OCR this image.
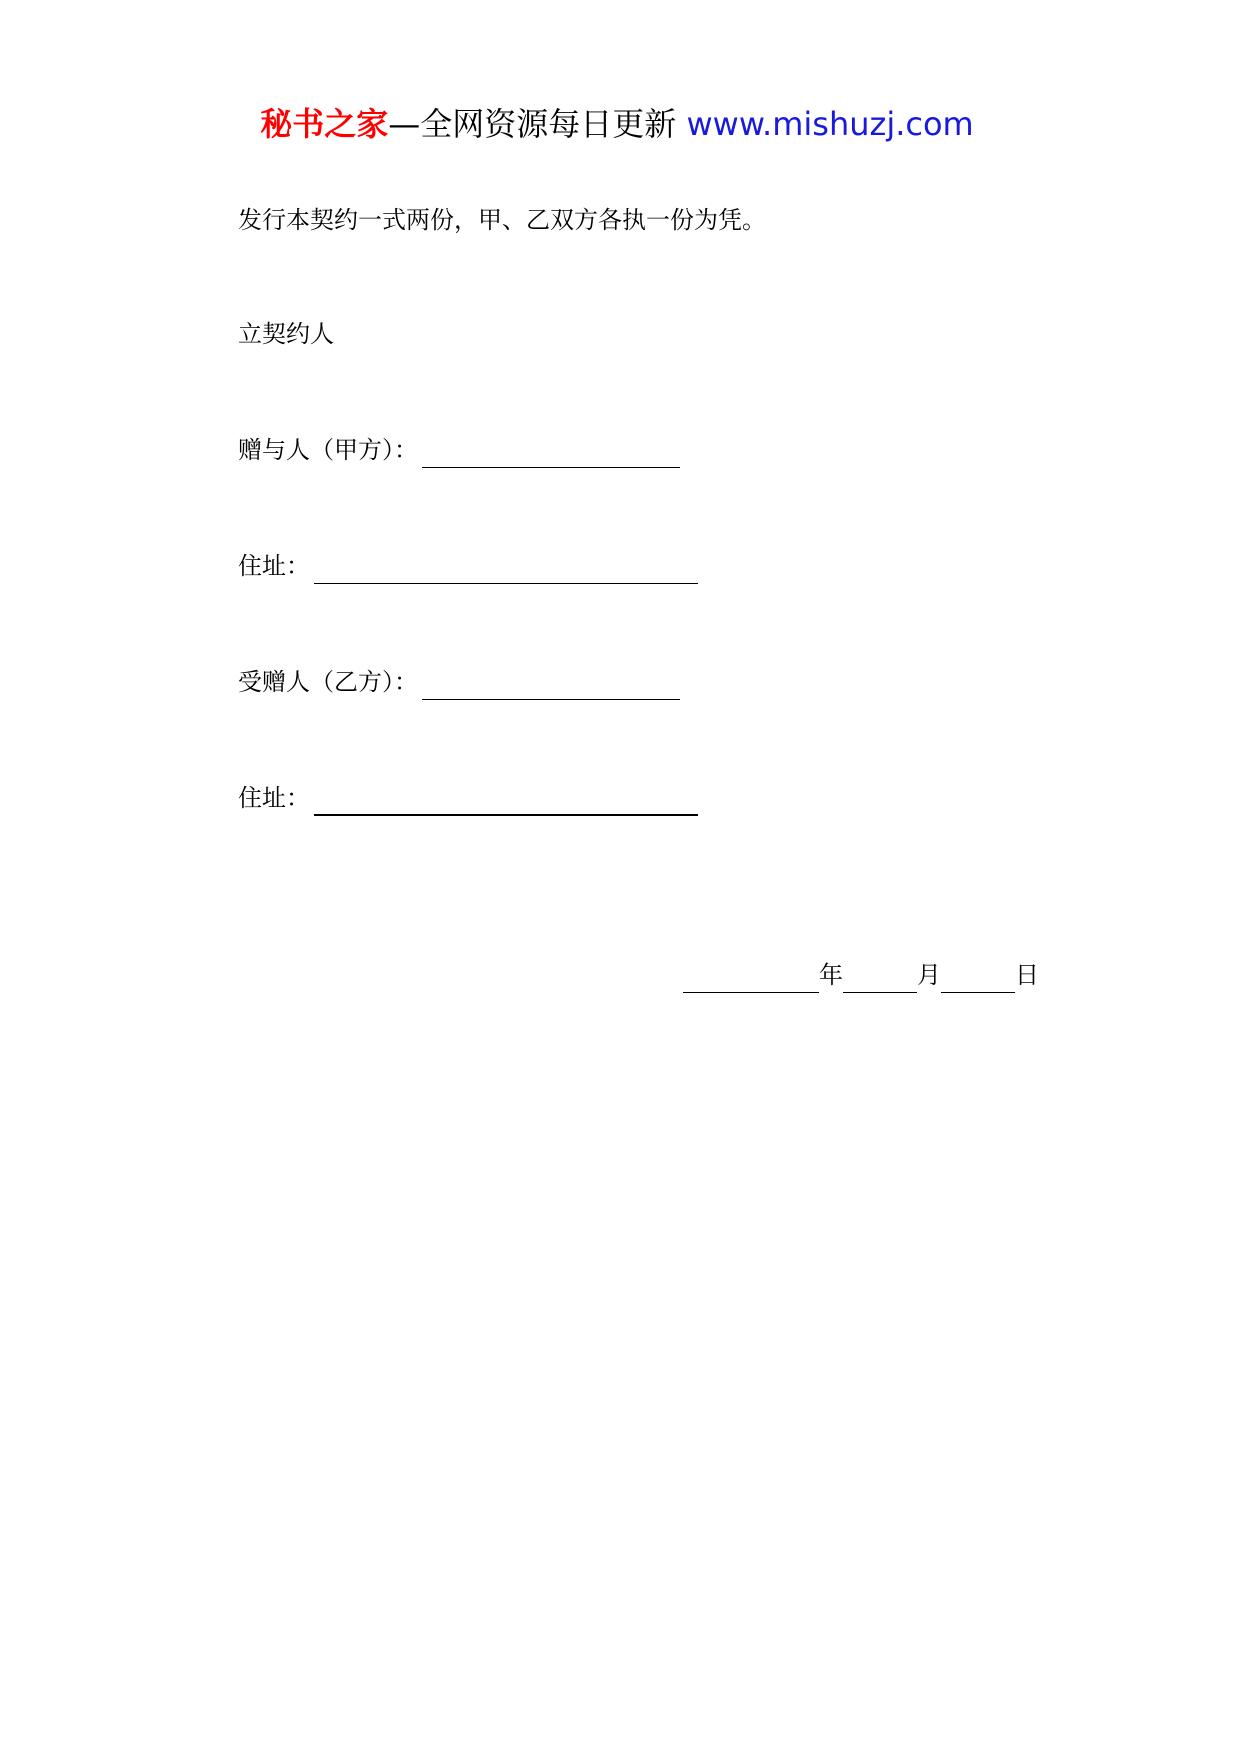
秘书之家—全网资源每日更新 www.mishuzj.com
发行本契约一式两份，甲、乙双方各执一份为凭。
立契约人
赠与人（甲方）：
住址：
受赠人（乙方）：
住址：
年	月	日
